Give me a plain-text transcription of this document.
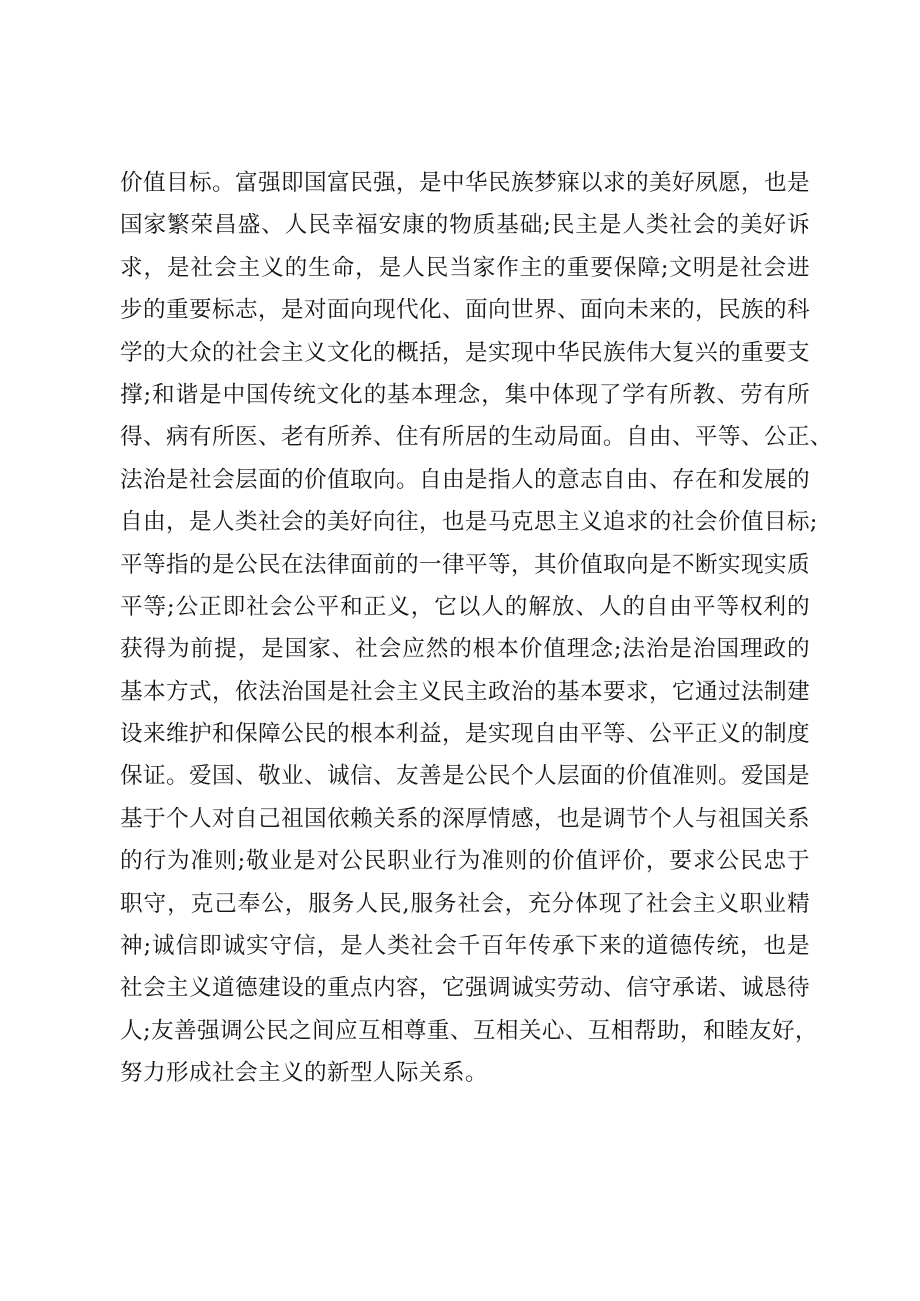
价值目标。富强即国富民强，是中华民族梦寐以求的美好夙愿，也是
国家繁荣昌盛、人民幸福安康的物质基础;民主是人类社会的美好诉
求，是社会主义的生命，是人民当家作主的重要保障;文明是社会进
步的重要标志，是对面向现代化、面向世界、面向未来的，民族的科
学的大众的社会主义文化的概括，是实现中华民族伟大复兴的重要支
撑;和谐是中国传统文化的基本理念，集中体现了学有所教、劳有所
得、病有所医、老有所养、住有所居的生动局面。自由、平等、公正、
法治是社会层面的价值取向。自由是指人的意志自由、存在和发展的
自由，是人类社会的美好向往，也是马克思主义追求的社会价值目标;
平等指的是公民在法律面前的一律平等，其价值取向是不断实现实质
平等;公正即社会公平和正义，它以人的解放、人的自由平等权利的
获得为前提，是国家、社会应然的根本价值理念;法治是治国理政的
基本方式，依法治国是社会主义民主政治的基本要求，它通过法制建
设来维护和保障公民的根本利益，是实现自由平等、公平正义的制度
保证。爱国、敬业、诚信、友善是公民个人层面的价值准则。爱国是
基于个人对自己祖国依赖关系的深厚情感，也是调节个人与祖国关系
的行为准则;敬业是对公民职业行为准则的价值评价，要求公民忠于
职守，克己奉公，服务人民,服务社会，充分体现了社会主义职业精
神;诚信即诚实守信，是人类社会千百年传承下来的道德传统，也是
社会主义道德建设的重点内容，它强调诚实劳动、信守承诺、诚恳待
人;友善强调公民之间应互相尊重、互相关心、互相帮助，和睦友好，
努力形成社会主义的新型人际关系。
